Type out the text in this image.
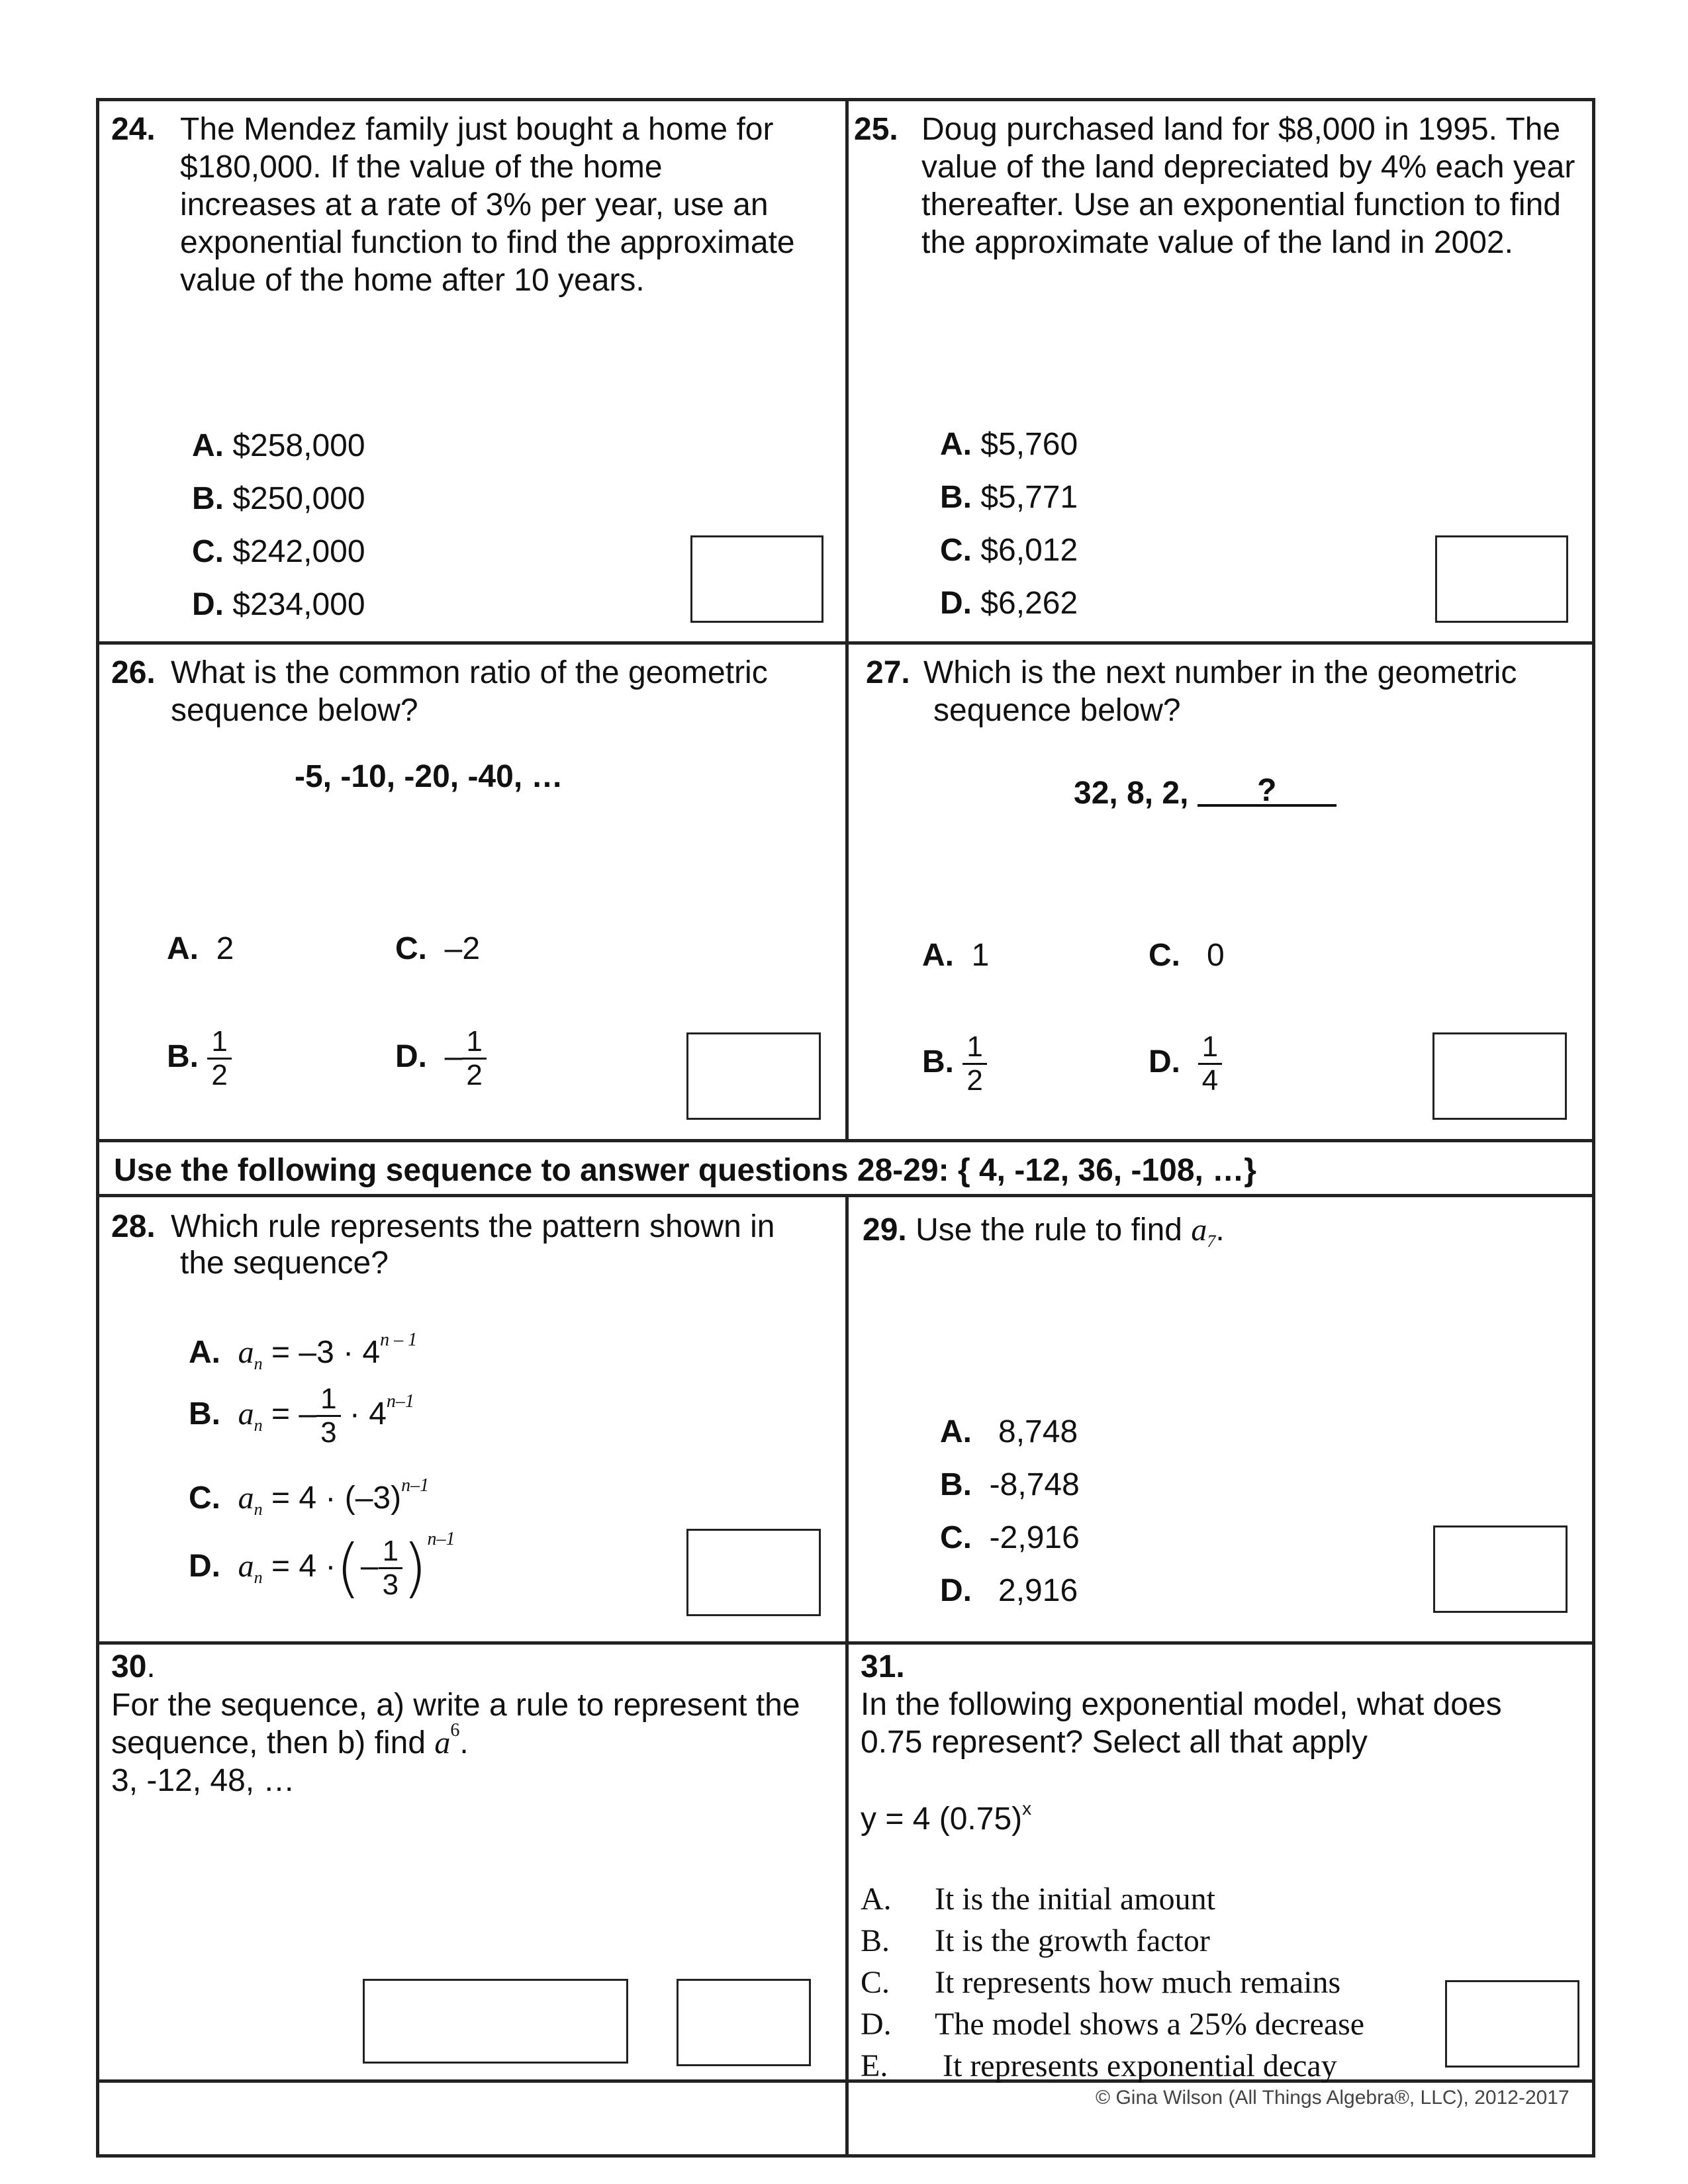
24. The Mendez family just bought a home for
$180,000. If the value of the home
increases at a rate of 3% per year, use an
exponential function to find the approximate
value of the home after 10 years.
A. $258,000
B. $250,000
C. $242,000
D. $234,000
25. Doug purchased land for $8,000 in 1995. The
value of the land depreciated by 4% each year
thereafter. Use an exponential function to find
the approximate value of the land in 2002.
A. $5,760
B. $5,771
C. $6,012
D. $6,262
26. What is the common ratio of the geometric
sequence below?
-5, -10, -20, -40, …
A. 2	C. –2
B. $\frac{1}{2}$	D. – $\frac{1}{2}$
27. Which is the next number in the geometric
sequence below?
32, 8, 2, ?
A. 1	C. 0
B. $\frac{1}{2}$	D. $\frac{1}{4}$
Use the following sequence to answer questions 28-29: { 4, -12, 36, -108, …}
28. Which rule represents the pattern shown in
the sequence?
A. $a_n = -3 \cdot 4^{n - 1}$
B. $a_n$ = – $\frac{1}{3} \cdot 4^{n-1}$
C. $a_n = 4 \cdot (-3)^{n-1}$
D. $a_n = 4$ ·(– $\frac{1}{3} )^{n-1}$
29. Use the rule to find $a_7$.
A. 8,748
B. -8,748
C. -2,916
D. 2,916
30.
For the sequence, a) write a rule to represent the
sequence, then b) find $a^6$.
3, -12, 48, …
31.
In the following exponential model, what does
0.75 represent? Select all that apply
y = 4 $(0.75)^x$
A. It is the initial amount
B. It is the growth factor
C. It represents how much remains
D. The model shows a 25% decrease
E. It represents exponential decay
© Gina Wilson (All Things Algebra®, LLC), 2012-2017
